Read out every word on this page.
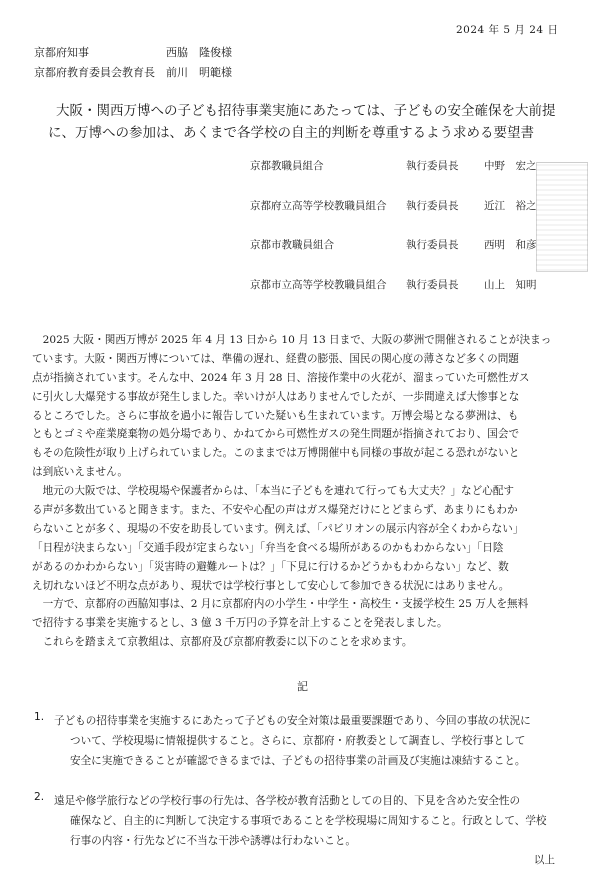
2024 年 5 月 24 日
京都府知事	西脇　隆俊様
京都府教育委員会教育長 前川　明範様
大阪・関西万博への子ども招待事業実施にあたっては、子どもの安全確保を大前提
に、万博への参加は、あくまで各学校の自主的判断を尊重するよう求める要望書
京都教職員組合	執行委員長 中野　宏之
京都府立高等学校教職員組合 執行委員長 近江　裕之
京都市教職員組合	執行委員長 西明　和彦
京都市立高等学校教職員組合 執行委員長 山上　知明
　2025 大阪・関西万博が 2025 年 4 月 13 日から 10 月 13 日まで、大阪の夢洲で開催されることが決まっ
ています。大阪・関西万博については、準備の遅れ、経費の膨張、国民の関心度の薄さなど多くの問題
点が指摘されています。そんな中、2024 年 3 月 28 日、溶接作業中の火花が、溜まっていた可燃性ガス
に引火し大爆発する事故が発生しました。幸いけが人はありませんでしたが、一歩間違えば大惨事とな
るところでした。さらに事故を過小に報告していた疑いも生まれています。万博会場となる夢洲は、も
ともとゴミや産業廃棄物の処分場であり、かねてから可燃性ガスの発生問題が指摘されており、国会で
もその危険性が取り上げられていました。このままでは万博開催中も同様の事故が起こる恐れがないと
は到底いえません。
　地元の大阪では、学校現場や保護者からは、「本当に子どもを連れて行っても大丈夫？」など心配す
る声が多数出ていると聞きます。また、不安や心配の声はガス爆発だけにとどまらず、あまりにもわか
らないことが多く、現場の不安を助長しています。例えば、「パビリオンの展示内容が全くわからない」
「日程が決まらない」「交通手段が定まらない」「弁当を食べる場所があるのかもわからない」「日陰
があるのかわからない」「災害時の避難ルートは？」「下見に行けるかどうかもわからない」など、数
え切れないほど不明な点があり、現状では学校行事として安心して参加できる状況にはありません。
　一方で、京都府の西脇知事は、2 月に京都府内の小学生・中学生・高校生・支援学校生 25 万人を無料
で招待する事業を実施するとし、3 億 3 千万円の予算を計上することを発表しました。
　これらを踏まえて京教組は、京都府及び京都府教委に以下のことを求めます。
記
1. 子どもの招待事業を実施するにあたって子どもの安全対策は最重要課題であり、今回の事故の状況に
ついて、学校現場に情報提供すること。さらに、京都府・府教委として調査し、学校行事として
安全に実施できることが確認できるまでは、子どもの招待事業の計画及び実施は凍結すること。
2. 遠足や修学旅行などの学校行事の行先は、各学校が教育活動としての目的、下見を含めた安全性の
確保など、自主的に判断して決定する事項であることを学校現場に周知すること。行政として、学校
行事の内容・行先などに不当な干渉や誘導は行わないこと。
以上
